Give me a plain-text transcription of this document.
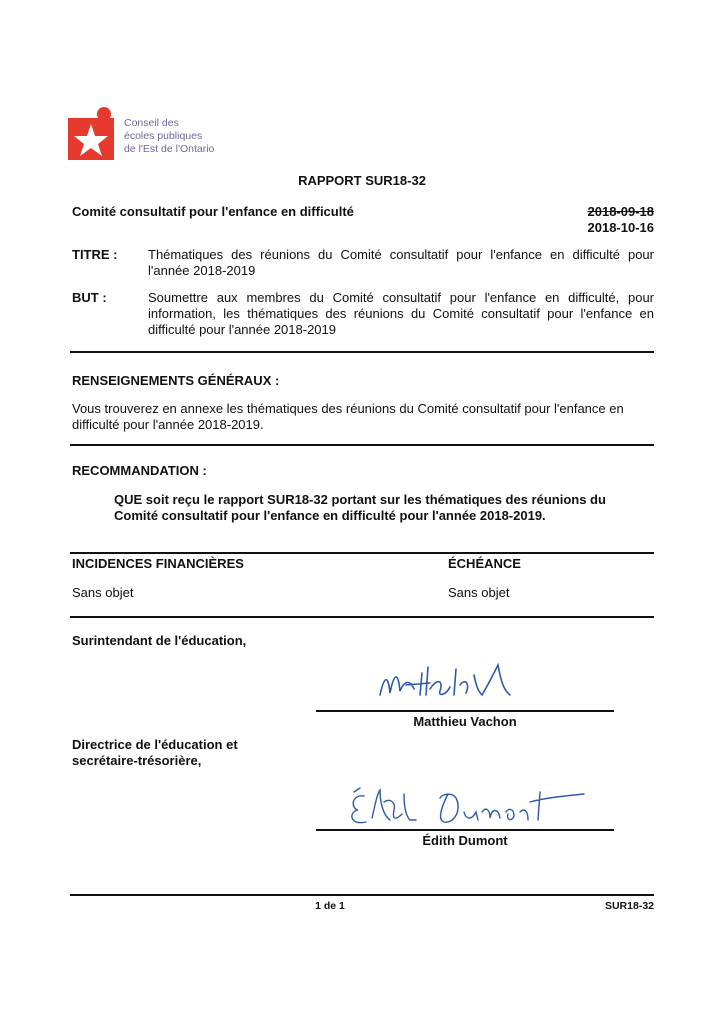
Conseil des
écoles publiques
de l'Est de l'Ontario
RAPPORT SUR18-32
Comité consultatif pour l'enfance en difficulté	2018-09-18
2018-10-16
TITRE : Thématiques des réunions du Comité consultatif pour l'enfance en difficulté pour l'année 2018-2019
BUT :	Soumettre aux membres du Comité consultatif pour l'enfance en difficulté, pour information, les thématiques des réunions du Comité consultatif pour l'enfance en difficulté pour l'année 2018-2019
RENSEIGNEMENTS GÉNÉRAUX :
Vous trouverez en annexe les thématiques des réunions du Comité consultatif pour l'enfance en difficulté pour l'année 2018-2019.
RECOMMANDATION :
QUE soit reçu le rapport SUR18-32 portant sur les thématiques des réunions du Comité consultatif pour l'enfance en difficulté pour l'année 2018-2019.
INCIDENCES FINANCIÈRES	ÉCHÉANCE
Sans objet	Sans objet
Surintendant de l'éducation,
Matthieu Vachon
Directrice de l'éducation et secrétaire-trésorière,
Édith Dumont
1 de 1	SUR18-32
